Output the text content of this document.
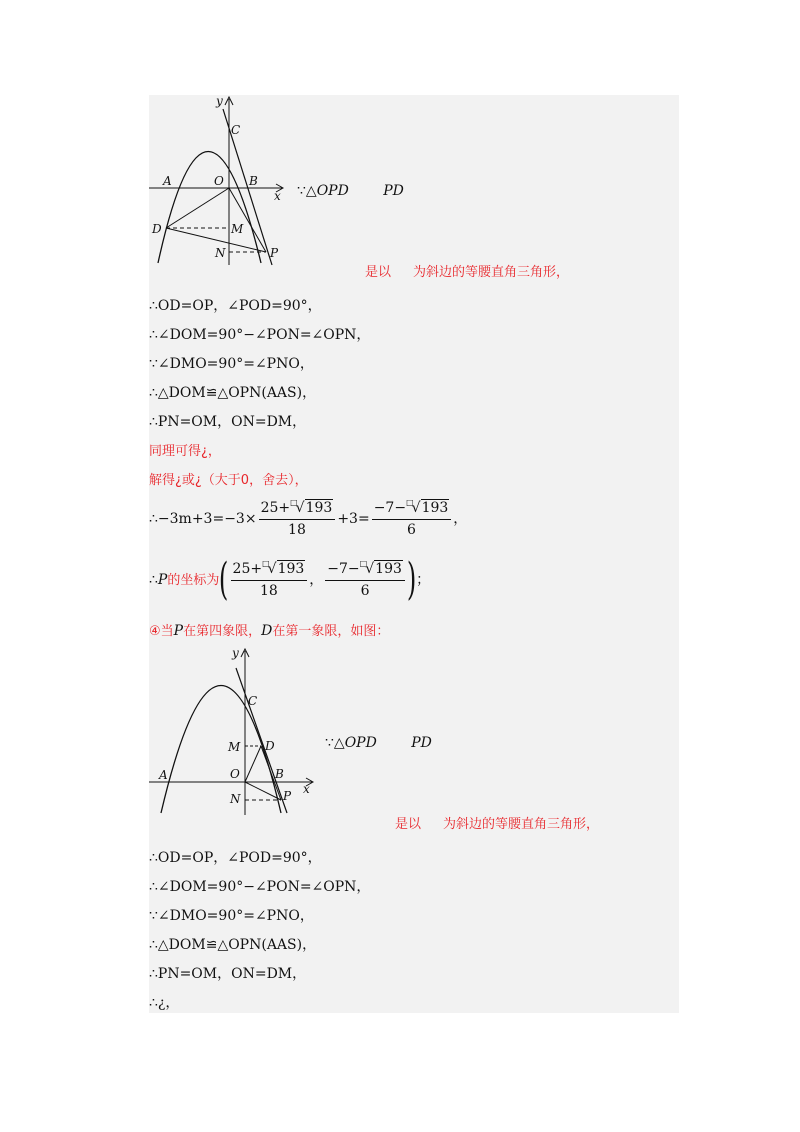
y
C
A	O B
x
D	M
N	P
∵△OPD PD
是以 为斜边的等腰直角三角形，
∴OD=OP，∠POD=90°，
∴∠DOM=90°−∠PON=∠OPN，
∵∠DMO=90°=∠PNO，
∴△DOM≌△OPN(AAS)，
∴PN=OM，ON=DM，
同理可得¿，
解得¿或¿（大于0，舍去），
∴−3m+3=−3× $\frac{25+^□√193}{18} +3= \frac{-7-^□√193}{6}$ ，
∴P的坐标为( $\frac{25+^□√193}{18}$ ， $\frac{-7-^□√193}{6}$ )；
④当P在第四象限，D在第一象限，如图：
y
C
M D
A	O	B
x
N	P
∵△OPD PD
是以 为斜边的等腰直角三角形，
∴OD=OP，∠POD=90°，
∴∠DOM=90°−∠PON=∠OPN，
∵∠DMO=90°=∠PNO，
∴△DOM≌△OPN(AAS)，
∴PN=OM，ON=DM，
∴¿，
